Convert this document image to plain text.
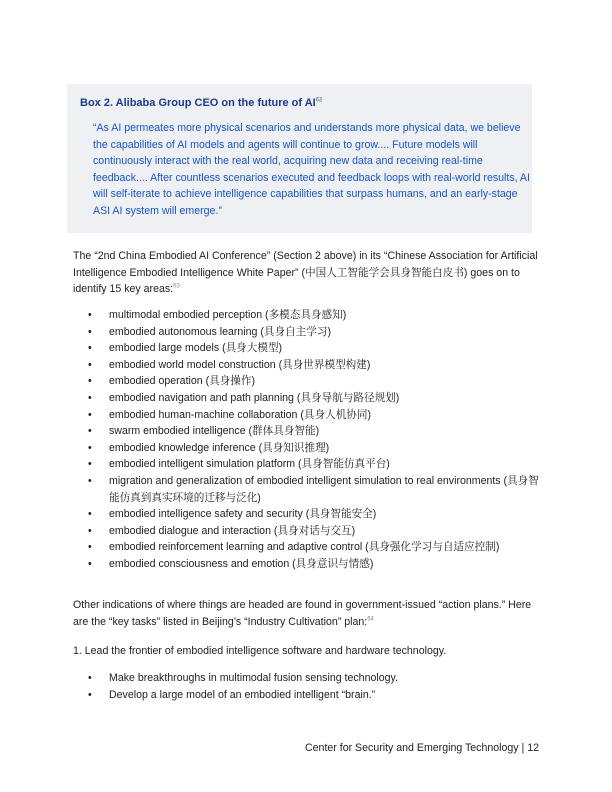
Box 2. Alibaba Group CEO on the future of AI$^{62}$

“As AI permeates more physical scenarios and understands more physical data, we believe the capabilities of AI models and agents will continue to grow.... Future models will continuously interact with the real world, acquiring new data and receiving real-time feedback.... After countless scenarios executed and feedback loops with real-world results, AI will self-iterate to achieve intelligence capabilities that surpass humans, and an early-stage ASI AI system will emerge.”

The “2nd China Embodied AI Conference” (Section 2 above) in its “Chinese Association for Artificial Intelligence Embodied Intelligence White Paper” (中国人工智能学会具身智能白皮书) goes on to identify 15 key areas:$^{63}$

• multimodal embodied perception (多模态具身感知)
• embodied autonomous learning (具身自主学习)
• embodied large models (具身大模型)
• embodied world model construction (具身世界模型构建)
• embodied operation (具身操作)
• embodied navigation and path planning (具身导航与路径规划)
• embodied human-machine collaboration (具身人机协同)
• swarm embodied intelligence (群体具身智能)
• embodied knowledge inference (具身知识推理)
• embodied intelligent simulation platform (具身智能仿真平台)
• migration and generalization of embodied intelligent simulation to real environments (具身智能仿真到真实环境的迁移与泛化)
• embodied intelligence safety and security (具身智能安全)
• embodied dialogue and interaction (具身对话与交互)
• embodied reinforcement learning and adaptive control (具身强化学习与自适应控制)
• embodied consciousness and emotion (具身意识与情感)

Other indications of where things are headed are found in government-issued “action plans.” Here are the “key tasks” listed in Beijing’s “Industry Cultivation” plan:$^{64}$

1. Lead the frontier of embodied intelligence software and hardware technology.

• Make breakthroughs in multimodal fusion sensing technology.
• Develop a large model of an embodied intelligent “brain.”
Center for Security and Emerging Technology | 12
